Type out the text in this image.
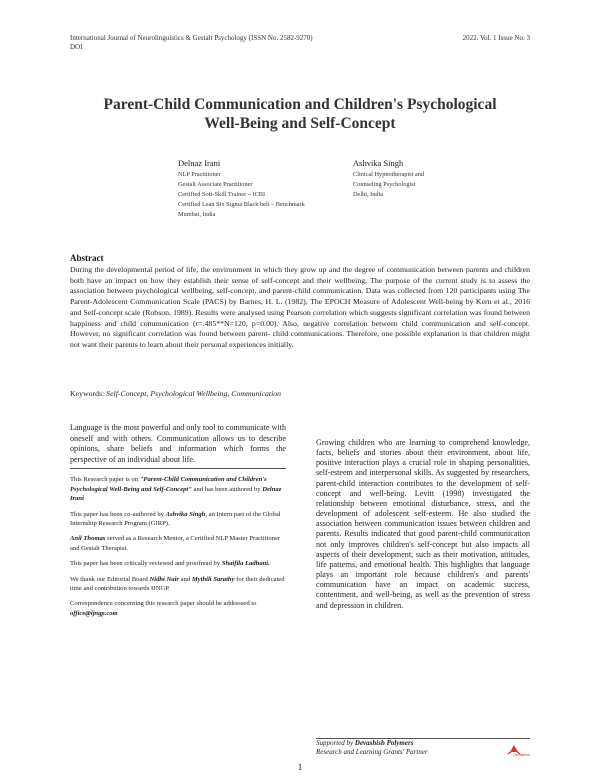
International Journal of Neurolinguistics & Gestalt Psychology (ISSN No. 2582-9270)
DOI
2022. Vol. 1 Issue No. 3
Parent-Child Communication and Children's Psychological
Well-Being and Self-Concept
Delnaz Irani
NLP Practitioner
Gestalt Associate Practitioner
Certified Soft-Skill Trainer – ICBI
Certified Lean Six Sigma Black belt – Benchmark
Mumbai, India
Ashvika Singh
Clinical Hypnotherapist and
Counseling Psychologist
Delhi, India
Abstract
During the developmental period of life, the environment in which they grow up and the degree of communication between parents and children both have an impact on how they establish their sense of self-concept and their wellbeing. The purpose of the current study is to assess the association between psychological wellbeing, self-concept, and parent-child communication. Data was collected from 120 participants using The Parent-Adolescent Communication Scale (PACS) by Barnes, H. L. (1982), The EPOCH Measure of Adolescent Well-being by Kern et al., 2016 and Self-concept scale (Robson, 1989). Results were analysed using Pearson correlation which suggests significant correlation was found between happiness and child communication (r=.485**N=120, p=0.00). Also, negative correlation between child communication and self-concept. However, no significant correlation was found between parent- child communications. Therefore, one possible explanation is that children might not want their parents to learn about their personal experiences initially.
Keywords: Self-Concept, Psychological Wellbeing, Communication
Language is the most powerful and only tool to communicate with oneself and with others. Communication allows us to describe opinions, share beliefs and information which forms the perspective of an individual about life.
This Research paper is on "Parent-Child Communication and Children's Psychological Well-Being and Self-Concept" and has been authored by Delnaz Irani
This paper has been co-authored by Ashvika Singh, an Intern part of the Global Internship Research Program (GIRP).
Anil Thomas served as a Research Mentor, a Certified NLP Master Practitioner and Gestalt Therapist.
This paper has been critically reviewed and proofread by Shaifila Ladhani.
We thank our Editorial Board Nidhi Nair and Mythili Sarathy for their dedicated time and contribution towards IJNGP.
Correspondence concerning this research paper should be addressed to office@ijngp.com
Growing children who are learning to comprehend knowledge, facts, beliefs and stories about their environment, about life, positive interaction plays a crucial role in shaping personalities, self-esteem and interpersonal skills. As suggested by researchers, parent-child interaction contributes to the development of self-concept and well-being. Levitt (1998) investigated the relationship between emotional disturbance, stress, and the development of adolescent self-esteem. He also studied the association between communication issues between children and parents. Results indicated that good parent-child communication not only improves children's self-concept but also impacts all aspects of their development, such as their motivation, attitudes, life patterns, and emotional health. This highlights that language plays an important role because children's and parents' communication have an impact on academic success, contentment, and well-being, as well as the prevention of stress and depression in children.
Supported by Devashish Polymers
Research and Learning Grants' Partner	Devashish
1
